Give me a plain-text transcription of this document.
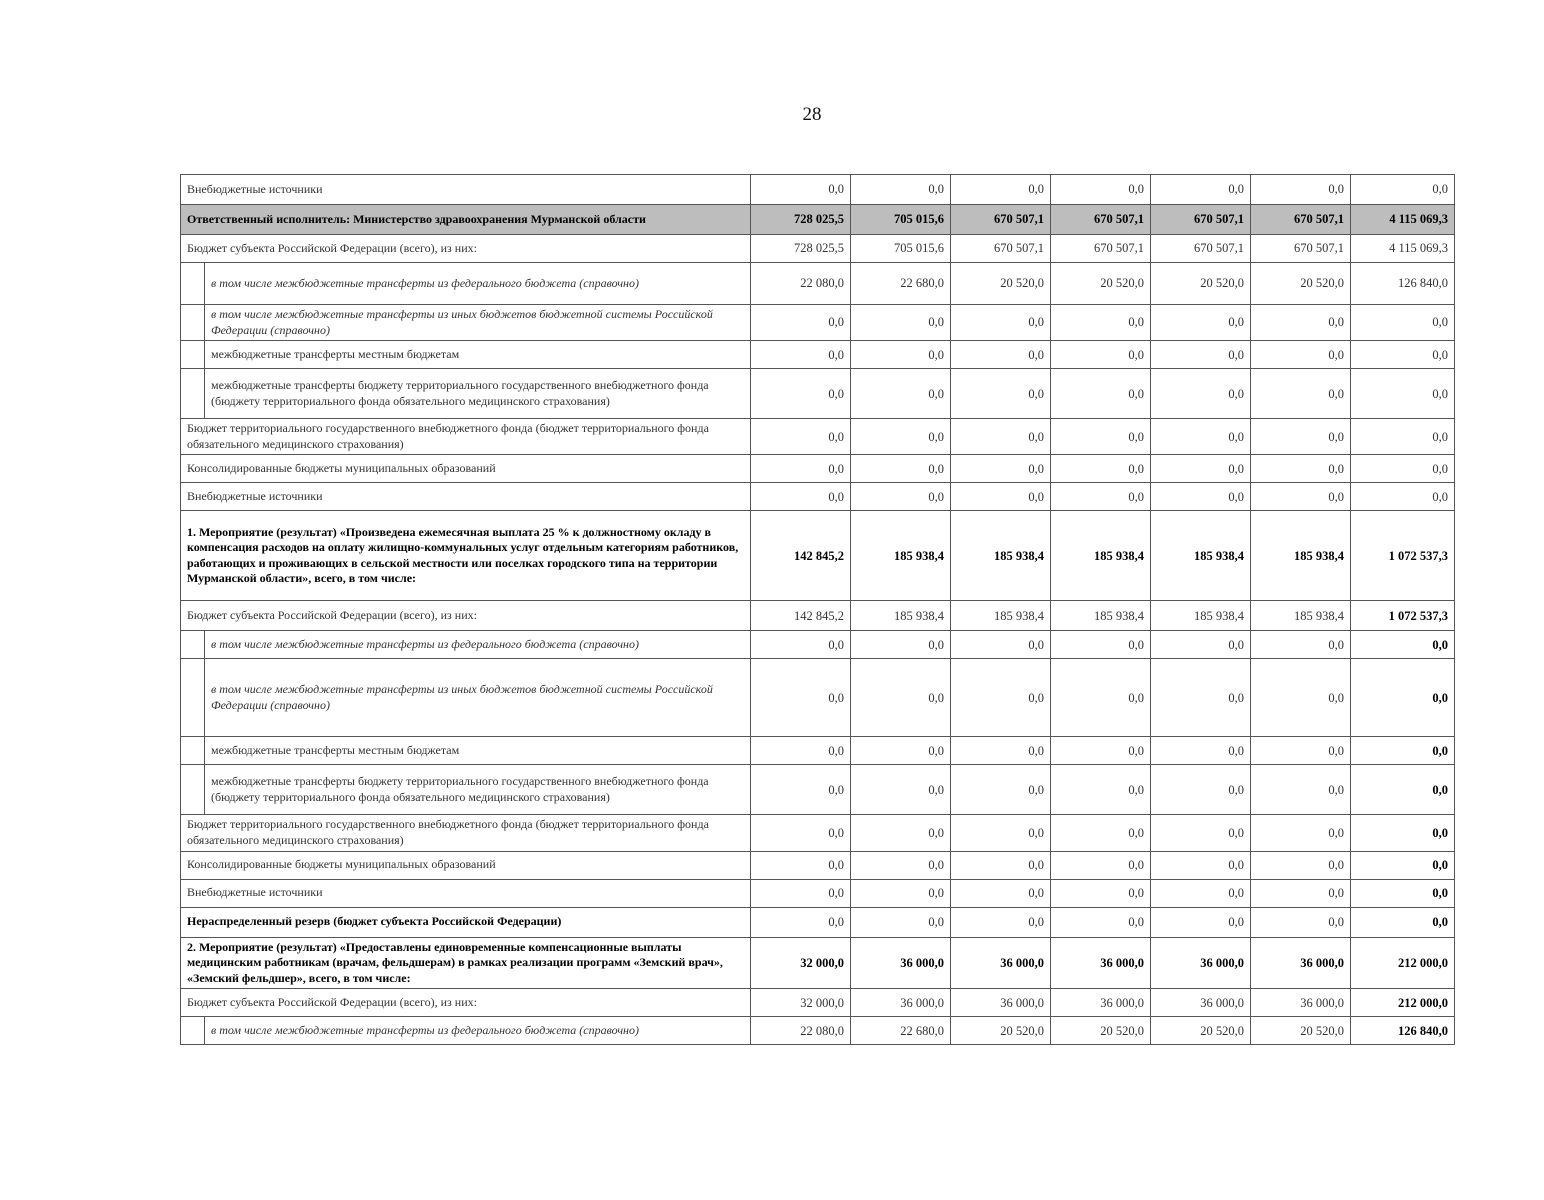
28
Внебюджетные источники		0,0	0,0	0,0	0,0	0,0	0,0	0,0
Ответственный исполнитель: Министерство здравоохранения Мурманской области		728 025,5	705 015,6	670 507,1	670 507,1	670 507,1	670 507,1	4 115 069,3
Бюджет субъекта Российской Федерации (всего), из них:		728 025,5	705 015,6	670 507,1	670 507,1	670 507,1	670 507,1	4 115 069,3
	в том числе межбюджетные трансферты из федерального бюджета (справочно)	22 080,0	22 680,0	20 520,0	20 520,0	20 520,0	20 520,0	126 840,0
	в том числе межбюджетные трансферты из иных бюджетов бюджетной системы Российской Федерации (справочно)	0,0	0,0	0,0	0,0	0,0	0,0	0,0
	межбюджетные трансферты местным бюджетам	0,0	0,0	0,0	0,0	0,0	0,0	0,0
	межбюджетные трансферты бюджету территориального государственного внебюджетного фонда (бюджету территориального фонда обязательного медицинского страхования)	0,0	0,0	0,0	0,0	0,0	0,0	0,0
Бюджет территориального государственного внебюджетного фонда (бюджет территориального фонда обязательного медицинского страхования)		0,0	0,0	0,0	0,0	0,0	0,0	0,0
Консолидированные бюджеты муниципальных образований		0,0	0,0	0,0	0,0	0,0	0,0	0,0
Внебюджетные источники		0,0	0,0	0,0	0,0	0,0	0,0	0,0
1. Мероприятие (результат) «Произведена ежемесячная выплата 25 % к должностному окладу в компенсация расходов на оплату жилищно-коммунальных услуг отдельным категориям работников, работающих и проживающих в сельской местности или поселках городского типа на территории Мурманской области», всего, в том числе:		142 845,2	185 938,4	185 938,4	185 938,4	185 938,4	185 938,4	1 072 537,3
Бюджет субъекта Российской Федерации (всего), из них:		142 845,2	185 938,4	185 938,4	185 938,4	185 938,4	185 938,4	1 072 537,3
	в том числе межбюджетные трансферты из федерального бюджета (справочно)	0,0	0,0	0,0	0,0	0,0	0,0	0,0
	в том числе межбюджетные трансферты из иных бюджетов бюджетной системы Российской Федерации (справочно)	0,0	0,0	0,0	0,0	0,0	0,0	0,0
	межбюджетные трансферты местным бюджетам	0,0	0,0	0,0	0,0	0,0	0,0	0,0
	межбюджетные трансферты бюджету территориального государственного внебюджетного фонда (бюджету территориального фонда обязательного медицинского страхования)	0,0	0,0	0,0	0,0	0,0	0,0	0,0
Бюджет территориального государственного внебюджетного фонда (бюджет территориального фонда обязательного медицинского страхования)		0,0	0,0	0,0	0,0	0,0	0,0	0,0
Консолидированные бюджеты муниципальных образований		0,0	0,0	0,0	0,0	0,0	0,0	0,0
Внебюджетные источники		0,0	0,0	0,0	0,0	0,0	0,0	0,0
Нераспределенный резерв (бюджет субъекта Российской Федерации)		0,0	0,0	0,0	0,0	0,0	0,0	0,0
2. Мероприятие (результат) «Предоставлены единовременные компенсационные выплаты медицинским работникам (врачам, фельдшерам) в рамках реализации программ «Земский врач», «Земский фельдшер», всего, в том числе:		32 000,0	36 000,0	36 000,0	36 000,0	36 000,0	36 000,0	212 000,0
Бюджет субъекта Российской Федерации (всего), из них:		32 000,0	36 000,0	36 000,0	36 000,0	36 000,0	36 000,0	212 000,0
	в том числе межбюджетные трансферты из федерального бюджета (справочно)	22 080,0	22 680,0	20 520,0	20 520,0	20 520,0	20 520,0	126 840,0
